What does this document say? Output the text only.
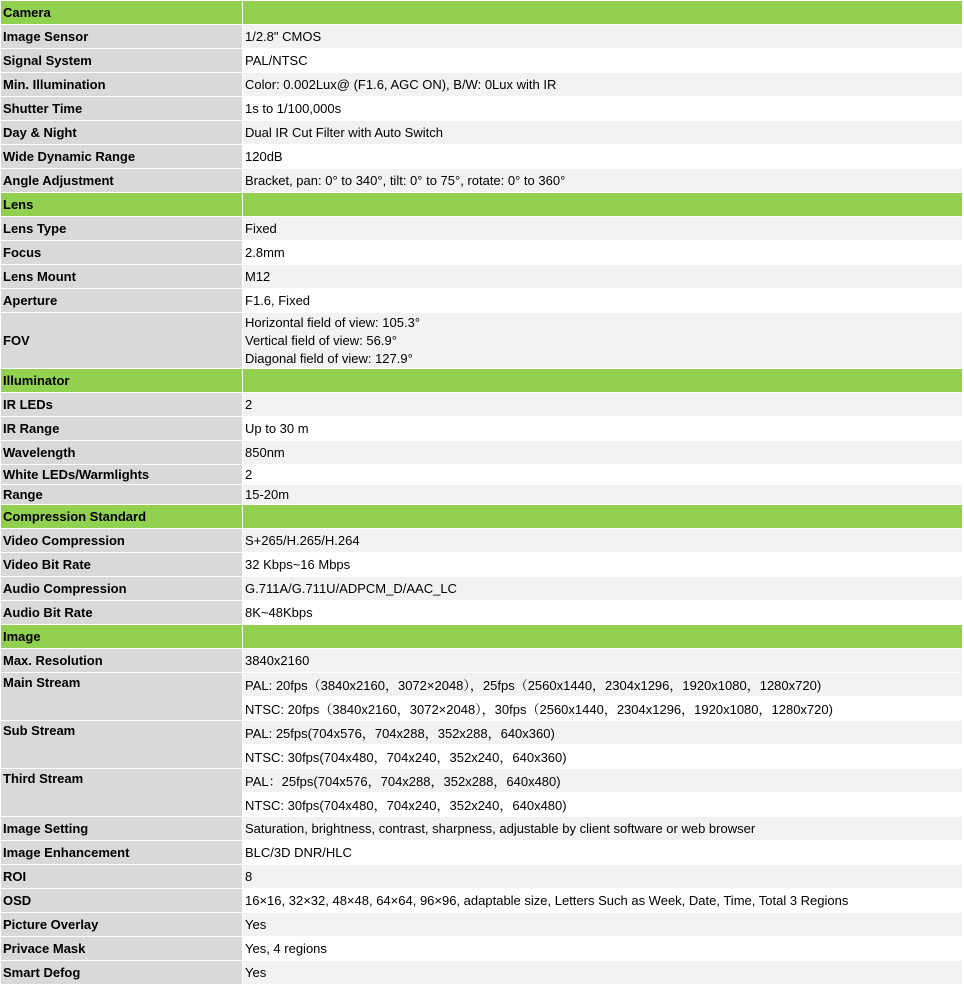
Camera	
Image Sensor	1/2.8" CMOS

Signal System	PAL/NTSC

Min. Illumination	Color: 0.002Lux@ (F1.6, AGC ON), B/W: 0Lux with IR

Shutter Time	1s to 1/100,000s

Day & Night	Dual IR Cut Filter with Auto Switch

Wide Dynamic Range	120dB

Angle Adjustment	Bracket, pan: 0° to 340°, tilt: 0° to 75°, rotate: 0° to 360°

Lens	
Lens Type	Fixed

Focus	2.8mm

Lens Mount	M12

Aperture	F1.6, Fixed

FOV	Horizontal field of view: 105.3°
Vertical field of view: 56.9°
Diagonal field of view: 127.9°

Illuminator	
IR LEDs	2

IR Range	Up to 30 m

Wavelength	850nm

White LEDs/Warmlights	2

Range	15-20m

Compression Standard	
Video Compression	S+265/H.265/H.264

Video Bit Rate	32 Kbps~16 Mbps

Audio Compression	G.711A/G.711U/ADPCM_D/AAC_LC

Audio Bit Rate	8K~48Kbps

Image	
Max. Resolution	3840x2160

Main Stream	PAL: 20fps（3840x2160，3072×2048），25fps（2560x1440，2304x1296，1920x1080，1280x720)
NTSC: 20fps（3840x2160，3072×2048），30fps（2560x1440，2304x1296，1920x1080，1280x720)

Sub Stream	PAL: 25fps(704x576，704x288，352x288，640x360)
NTSC: 30fps(704x480，704x240，352x240，640x360)

Third Stream	PAL：25fps(704x576，704x288，352x288，640x480)
NTSC: 30fps(704x480，704x240，352x240，640x480)

Image Setting	Saturation, brightness, contrast, sharpness, adjustable by client software or web browser

Image Enhancement	BLC/3D DNR/HLC

ROI	8

OSD	16×16, 32×32, 48×48, 64×64, 96×96, adaptable size, Letters Such as Week, Date, Time, Total 3 Regions

Picture Overlay	Yes

Privace Mask	Yes, 4 regions

Smart Defog	Yes
